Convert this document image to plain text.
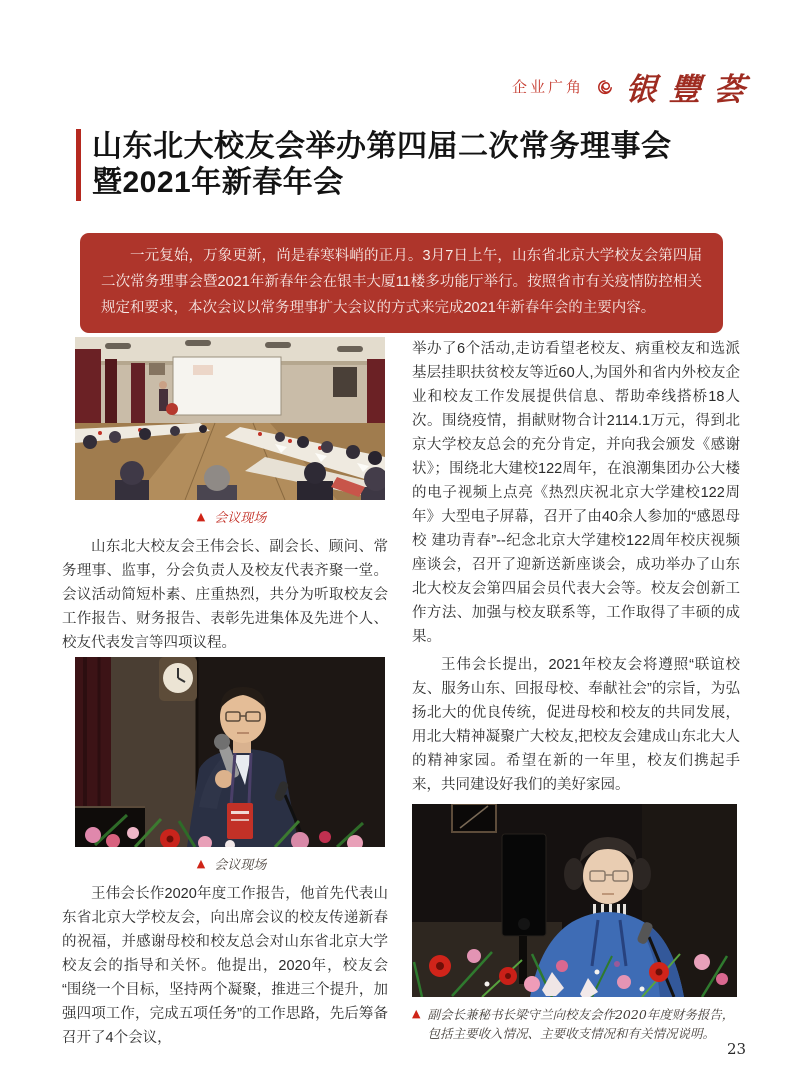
企业广角 银豐荟
山东北大校友会举办第四届二次常务理事会
暨2021年新春年会
一元复始，万象更新，尚是春寒料峭的正月。3月7日上午，山东省北京大学校友会第四届二次常务理事会暨2021年新春年会在银丰大厦11楼多功能厅举行。按照省市有关疫情防控相关规定和要求，本次会议以常务理事扩大会议的方式来完成2021年新春年会的主要内容。
▲ 会议现场

山东北大校友会王伟会长、副会长、顾问、常务理事、监事，分会负责人及校友代表齐聚一堂。会议活动简短朴素、庄重热烈，共分为听取校友会工作报告、财务报告、表彰先进集体及先进个人、校友代表发言等四项议程。

▲ 会议现场

王伟会长作2020年度工作报告，他首先代表山东省北京大学校友会，向出席会议的校友传递新春的祝福，并感谢母校和校友总会对山东省北京大学校友会的指导和关怀。他提出，2020年，校友会“围绕一个目标，坚持两个凝聚，推进三个提升，加强四项工作，完成五项任务”的工作思路，先后筹备召开了4个会议，

举办了6个活动,走访看望老校友、病重校友和选派基层挂职扶贫校友等近60人,为国外和省内外校友企业和校友工作发展提供信息、帮助牵线搭桥18人次。围绕疫情，捐献财物合计2114.1万元，得到北京大学校友总会的充分肯定，并向我会颁发《感谢状》；围绕北大建校122周年，在浪潮集团办公大楼的电子视频上点亮《热烈庆祝北京大学建校122周年》大型电子屏幕，召开了由40余人参加的“感恩母校 建功青春”--纪念北京大学建校122周年校庆视频座谈会，召开了迎新送新座谈会，成功举办了山东北大校友会第四届会员代表大会等。校友会创新工作方法、加强与校友联系等，工作取得了丰硕的成果。

王伟会长提出，2021年校友会将遵照“联谊校友、服务山东、回报母校、奉献社会”的宗旨，为弘扬北大的优良传统，促进母校和校友的共同发展，用北大精神凝聚广大校友,把校友会建成山东北大人的精神家园。希望在新的一年里，校友们携起手来，共同建设好我们的美好家园。

▲ 副会长兼秘书长梁守兰向校友会作2020年度财务报告，包括主要收入情况、主要收支情况和有关情况说明。
23
